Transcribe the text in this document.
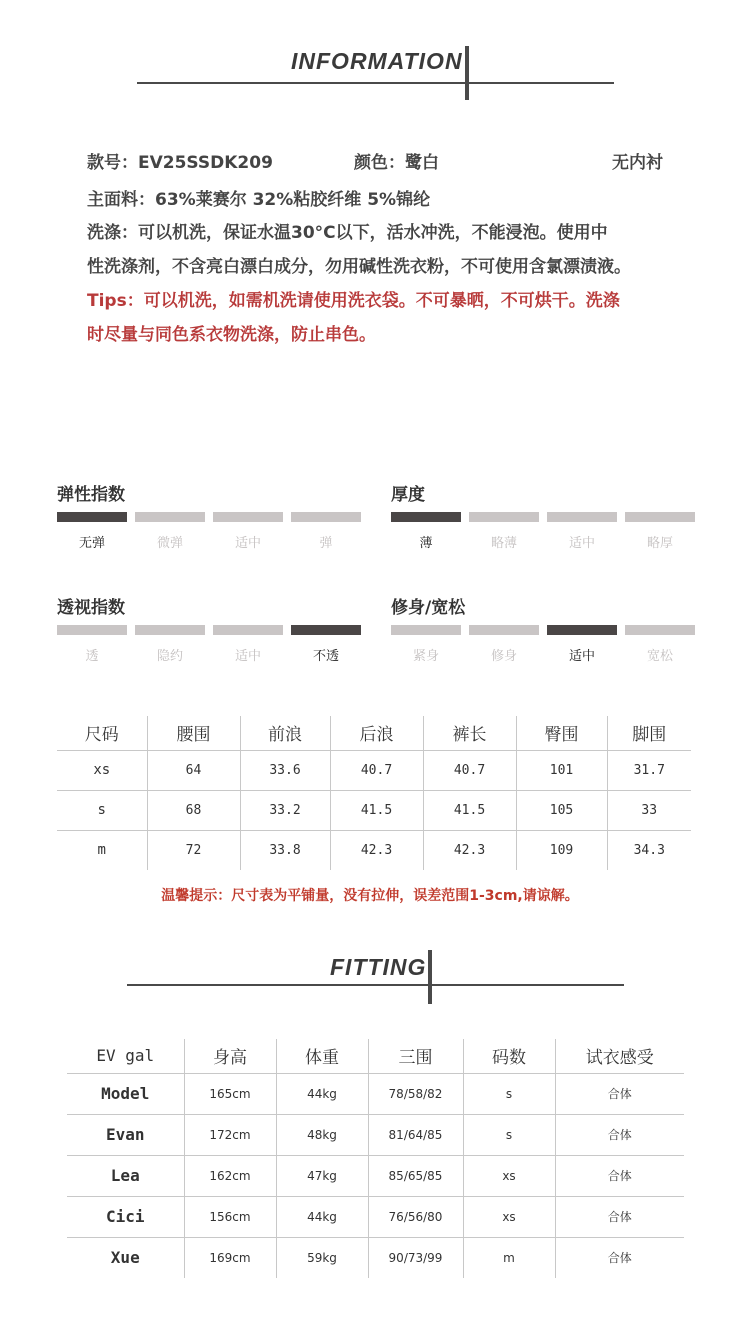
INFORMATION
款号：EV25SSDK209	颜色：鹭白	无内衬
主面料：63%莱赛尔 32%粘胶纤维 5%锦纶
洗涤：可以机洗，保证水温30°C以下，活水冲洗，不能浸泡。使用中
性洗涤剂，不含亮白漂白成分，勿用碱性洗衣粉，不可使用含氯漂渍液。
Tips：可以机洗，如需机洗请使用洗衣袋。不可暴晒，不可烘干。洗涤
时尽量与同色系衣物洗涤，防止串色。
弹性指数
无弹	微弹	适中	弹
厚度
薄	略薄	适中	略厚
透视指数
透	隐约	适中	不透
修身/宽松
紧身	修身	适中	宽松
尺码	腰围	前浪	后浪	裤长	臀围	脚围
xs	64	33.6	40.7	40.7	101	31.7
s	68	33.2	41.5	41.5	105	33
m	72	33.8	42.3	42.3	109	34.3
温馨提示：尺寸表为平铺量，没有拉伸，误差范围1-3cm,请谅解。
FITTING
EV gal	身高	体重	三围	码数	试衣感受
Model	165cm	44kg	78/58/82	s	合体
Evan	172cm	48kg	81/64/85	s	合体
Lea	162cm	47kg	85/65/85	xs	合体
Cici	156cm	44kg	76/56/80	xs	合体
Xue	169cm	59kg	90/73/99	m	合体
